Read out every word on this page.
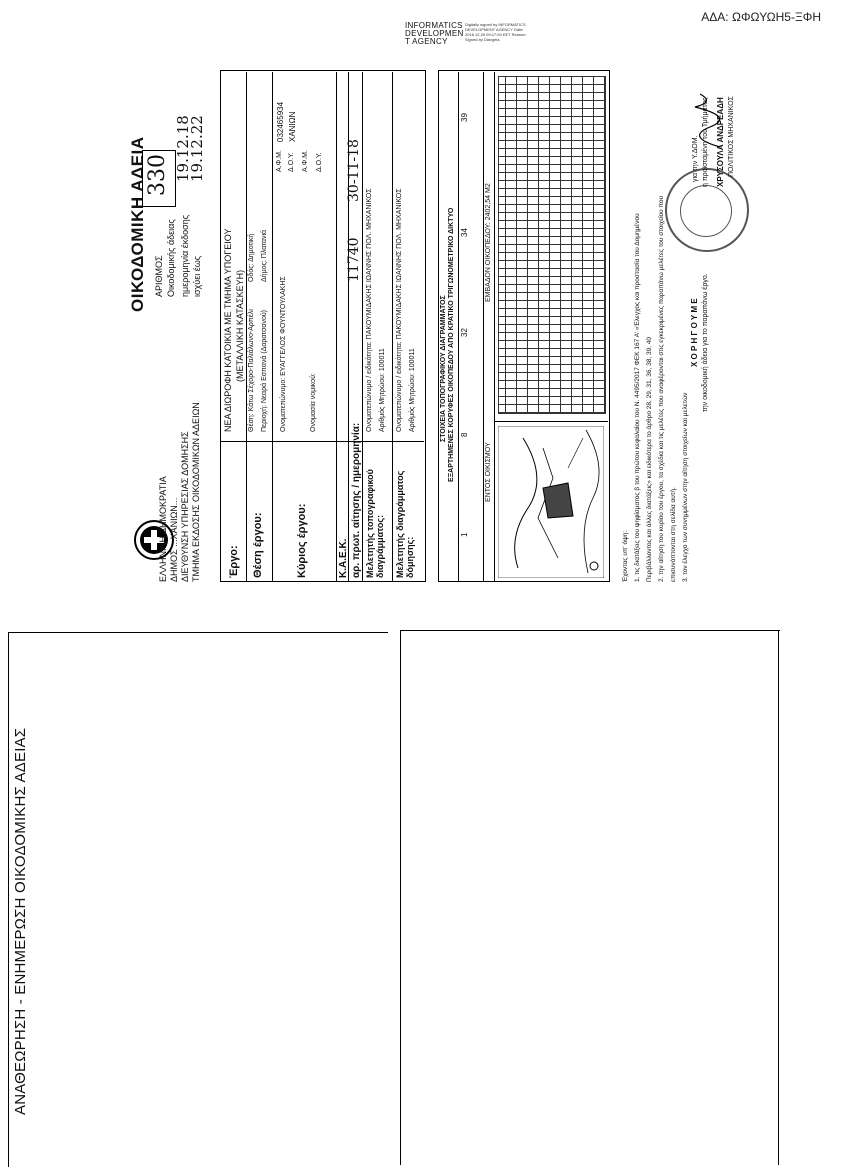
ΑΔΑ: ΩΦΩΥΩΗ5-ΞΦΗ
INFORMATICS
DEVELOPMEN
T AGENCY
Digitally signed by INFORMATICS DEVELOPMENT AGENCY Date: 2018.12.25 09:17:09 EET Reason: Signed by Diavgeia
ΑΝΑΘΕΩΡΗΣΗ - ΕΝΗΜΕΡΩΣΗ ΟΙΚΟΔΟΜΙΚΗΣ ΑΔΕΙΑΣ
ΕΛΛΗΝΙΚΗ ΔΗΜΟΚΡΑΤΙΑ ΔΗΜΟΣ ...ΧΑΝΙΩΝ... ΔΙΕΥΘΥΝΣΗ ΥΠΗΡΕΣΙΑΣ ΔΟΜΗΣΗΣ ΤΜΗΜΑ ΕΚΔΟΣΗΣ ΟΙΚΟΔΟΜΙΚΩΝ ΑΔΕΙΩΝ
ΟΙΚΟΔΟΜΙΚΗ ΑΔΕΙΑ ΑΡΙΘΜΟΣ Οικοδομικής άδειας
330
ημερομηνία έκδοσης
19.12.18
ισχύει έως
19.12.22
Έργο:
ΝΕΑ ΔΙΩΡΟΦΗ ΚΑΤΟΙΚΙΑ ΜΕ ΤΜΗΜΑ ΥΠΟΓΕΙΟΥ (ΜΕΤΑΛΛΙΚΗ ΚΑΤΑΣΚΕΥΗ)
Θέση έργου:
Θέση: Κάτω Σέχορο-Παλιάλωνο-Αρπέλι
Οδός: Δημοτική
Περιοχή: Νεαρά Εσπανά (Δαρατσανού)
Δήμος: Πλατανιά
Κύριος έργου:
Ονοματεπώνυμο: ΕΥΑΓΓΕΛΟΣ ΦΟΥΝΤΟΥΛΑΚΗΣ
Α.Φ.Μ.
032465934
Δ.Ο.Υ.
ΧΑΝΙΩΝ
Α.Φ.Μ. Δ.Ο.Υ.
Ονομασία νομικού:
Κ.Α.Ε.Κ. αρ. πρωτ. αίτησης / ημερομηνία:
11740
30-11-18
Μελετητής τοπογραφικού διαγράμματος:
Ονοματεπώνυμο / ειδικότητα: ΠΑΚΟΥΜΙΔΑΚΗΣ ΙΩΑΝΝΗΣ ΠΟΛ. ΜΗΧΑΝΙΚΟΣ Αριθμός Μητρώου: 100011
Μελετητής διαγράμματος δόμησης:
Ονοματεπώνυμο / ειδικότητα: ΠΑΚΟΥΜΙΔΑΚΗΣ ΙΩΑΝΝΗΣ ΠΟΛ. ΜΗΧΑΝΙΚΟΣ Αριθμός Μητρώου: 100011	ΣΤΟΙΧΕΙΑ ΤΟΠΟΓΡΑΦΙΚΟΥ ΔΙΑΓΡΑΜΜΑΤΟΣ ΕΞΑΡΤΗΜΕΝΕΣ ΚΟΡΥΦΕΣ ΟΙΚΟΠΕΔΟΥ ΑΠΟ ΚΡΑΤΙΚΟ ΤΡΙΓΩΝΟΜΕΤΡΙΚΟ ΔΙΚΤΥΟ
1
8
32
34
39
ΕΝΤΟΣ ΟΙΚΙΣΜΟΥ
ΕΜΒΑΔΟΝ ΟΙΚΟΠΕΔΟΥ: 2402,54 Μ2
Έχοντας υπ' όψη: 1. τις διατάξεις του ψηφίσματος β του πρώτου κεφαλαίου του Ν. 4495/2017 ΦΕΚ 167 Α' «Έλεγχος και προστασία του Δομημένου Περιβάλλοντος και άλλες διατάξεις» και ειδικότερα το άρθρο 28, 29, 31, 36, 38, 39, 40 2. την αίτηση του κυρίου του έργου, τα σχέδια και τις μελέτες που αναφέρονται στις εγκεκριμένες παραπάνω μελέτες του στοιχείου που επισυνάπτονται στη σελίδα αυτή. 3. τον έλεγχο των συνημμένων στην αίτηση στοιχείων και μελετών
Χ Ο Ρ Η Γ Ο Υ Μ Ε την οικοδομική άδεια για το παραπάνω έργο.
για την Υ.ΔΟΜ. η προϊσταμένη του Τμήματος ΧΡΥΣΟΥΛΑ ΑΝΔΡΕΑΔΗ ΠΟΛΙΤΙΚΟΣ ΜΗΧΑΝΙΚΟΣ
